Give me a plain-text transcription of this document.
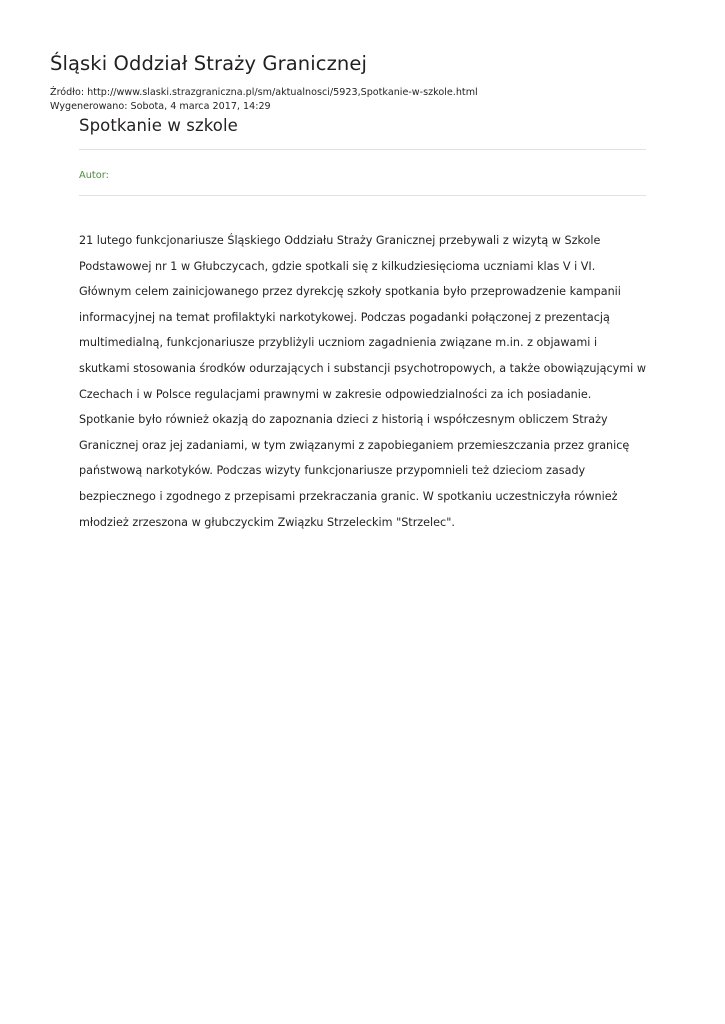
Śląski Oddział Straży Granicznej
Źródło: http://www.slaski.strazgraniczna.pl/sm/aktualnosci/5923,Spotkanie-w-szkole.html
Wygenerowano: Sobota, 4 marca 2017, 14:29
Spotkanie w szkole
Autor:

21 lutego funkcjonariusze Śląskiego Oddziału Straży Granicznej przebywali z wizytą w Szkole Podstawowej nr 1 w Głubczycach, gdzie spotkali się z kilkudziesięcioma uczniami klas V i VI. Głównym celem zainicjowanego przez dyrekcję szkoły spotkania było przeprowadzenie kampanii informacyjnej na temat profilaktyki narkotykowej. Podczas pogadanki połączonej z prezentacją multimedialną, funkcjonariusze przybliżyli uczniom zagadnienia związane m.in. z objawami i skutkami stosowania środków odurzających i substancji psychotropowych, a także obowiązującymi w Czechach i w Polsce regulacjami prawnymi w zakresie odpowiedzialności za ich posiadanie. Spotkanie było również okazją do zapoznania dzieci z historią i współczesnym obliczem Straży Granicznej oraz jej zadaniami, w tym związanymi z zapobieganiem przemieszczania przez granicę państwową narkotyków. Podczas wizyty funkcjonariusze przypomnieli też dzieciom zasady bezpiecznego i zgodnego z przepisami przekraczania granic. W spotkaniu uczestniczyła również młodzież zrzeszona w głubczyckim Związku Strzeleckim "Strzelec".
